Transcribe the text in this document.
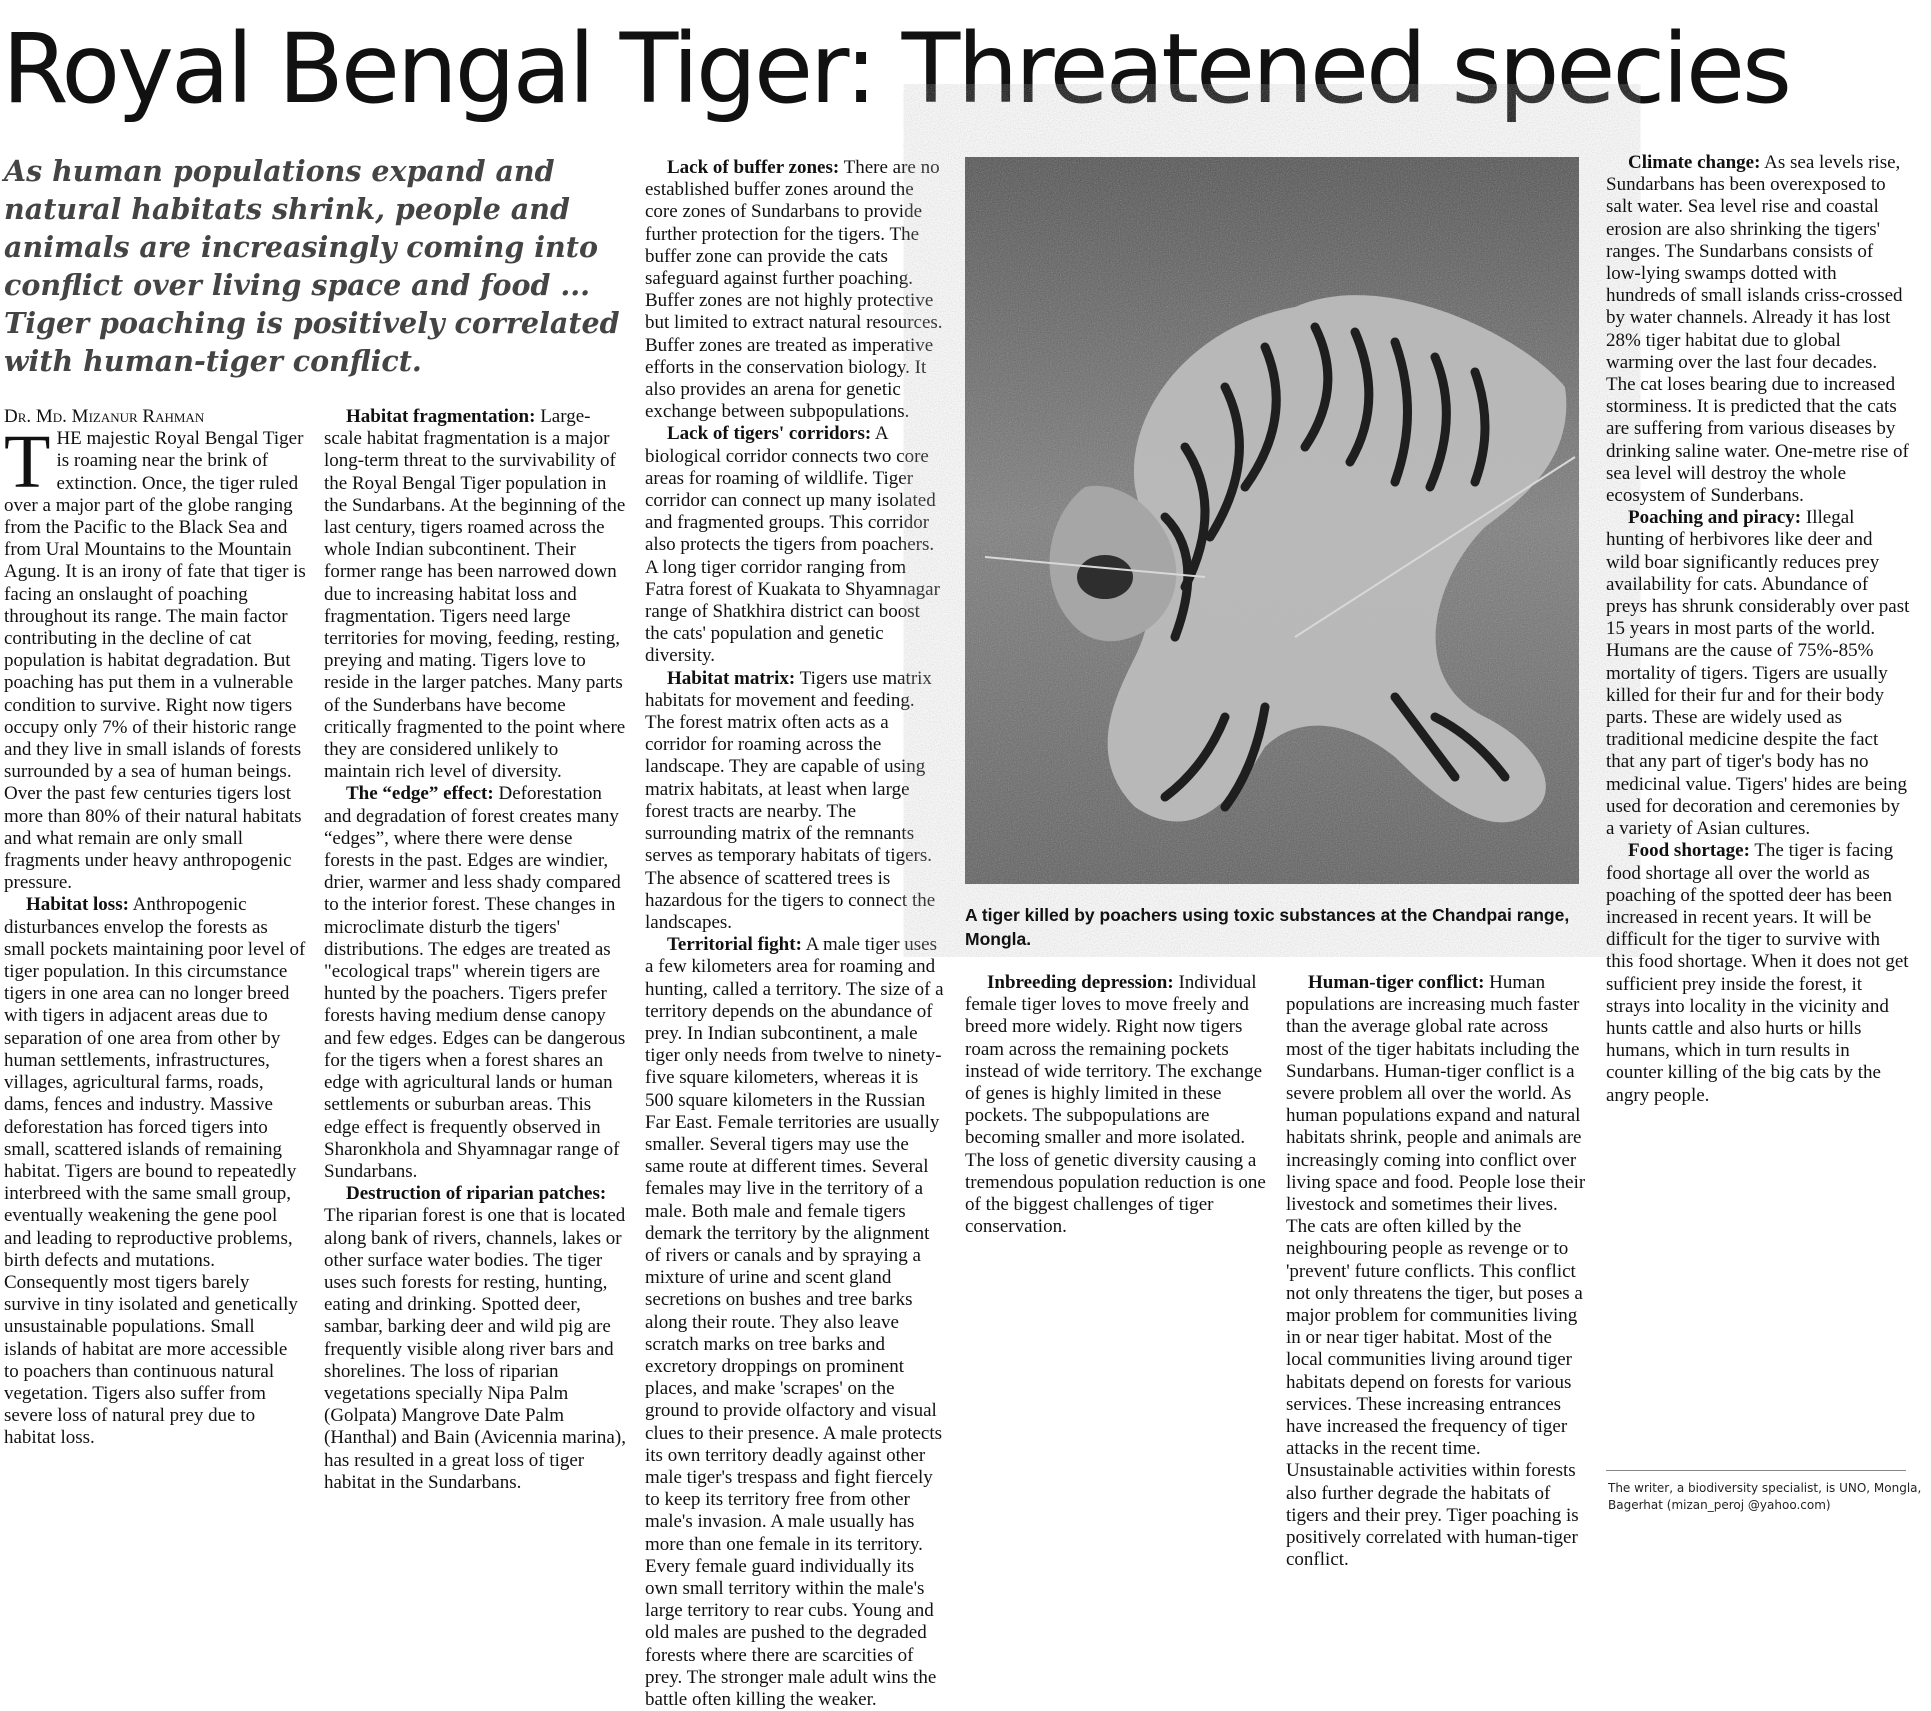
Royal Bengal Tiger: Threatened species

As human populations expand and natural habitats shrink, people and animals are increasingly coming into conflict over living space and food ... Tiger poaching is positively correlated with human-tiger conflict.

Dr. Md. Mizanur Rahman

THE majestic Royal Bengal Tiger is roaming near the brink of extinction. Once, the tiger ruled over a major part of the globe ranging from the Pacific to the Black Sea and from Ural Mountains to the Mountain Agung. It is an irony of fate that tiger is facing an onslaught of poaching throughout its range. The main factor contributing in the decline of cat population is habitat degradation. But poaching has put them in a vulnerable condition to survive. Right now tigers occupy only 7% of their historic range and they live in small islands of forests surrounded by a sea of human beings. Over the past few centuries tigers lost more than 80% of their natural habitats and what remain are only small fragments under heavy anthropogenic pressure.

Habitat loss: Anthropogenic disturbances envelop the forests as small pockets maintaining poor level of tiger population. In this circumstance tigers in one area can no longer breed with tigers in adjacent areas due to separation of one area from other by human settlements, infrastructures, villages, agricultural farms, roads, dams, fences and industry. Massive deforestation has forced tigers into small, scattered islands of remaining habitat. Tigers are bound to repeatedly interbreed with the same small group, eventually weakening the gene pool and leading to reproductive problems, birth defects and mutations. Consequently most tigers barely survive in tiny isolated and genetically unsustainable populations. Small islands of habitat are more accessible to poachers than continuous natural vegetation. Tigers also suffer from severe loss of natural prey due to habitat loss.

Habitat fragmentation: Large-scale habitat fragmentation is a major long-term threat to the survivability of the Royal Bengal Tiger population in the Sundarbans. At the beginning of the last century, tigers roamed across the whole Indian subcontinent. Their former range has been narrowed down due to increasing habitat loss and fragmentation. Tigers need large territories for moving, feeding, resting, preying and mating. Tigers love to reside in the larger patches. Many parts of the Sunderbans have become critically fragmented to the point where they are considered unlikely to maintain rich level of diversity.

The “edge” effect: Deforestation and degradation of forest creates many “edges”, where there were dense forests in the past. Edges are windier, drier, warmer and less shady compared to the interior forest. These changes in microclimate disturb the tigers' distributions. The edges are treated as "ecological traps" wherein tigers are hunted by the poachers. Tigers prefer forests having medium dense canopy and few edges. Edges can be dangerous for the tigers when a forest shares an edge with agricultural lands or human settlements or suburban areas. This edge effect is frequently observed in Sharonkhola and Shyamnagar range of Sundarbans.

Destruction of riparian patches: The riparian forest is one that is located along bank of rivers, channels, lakes or other surface water bodies. The tiger uses such forests for resting, hunting, eating and drinking. Spotted deer, sambar, barking deer and wild pig are frequently visible along river bars and shorelines. The loss of riparian vegetations specially Nipa Palm (Golpata) Mangrove Date Palm (Hanthal) and Bain (Avicennia marina), has resulted in a great loss of tiger habitat in the Sundarbans.

Lack of buffer zones: There are no established buffer zones around the core zones of Sundarbans to provide further protection for the tigers. The buffer zone can provide the cats safeguard against further poaching. Buffer zones are not highly protective but limited to extract natural resources. Buffer zones are treated as imperative efforts in the conservation biology. It also provides an arena for genetic exchange between subpopulations.

Lack of tigers' corridors: A biological corridor connects two core areas for roaming of wildlife. Tiger corridor can connect up many isolated and fragmented groups. This corridor also protects the tigers from poachers. A long tiger corridor ranging from Fatra forest of Kuakata to Shyamnagar range of Shatkhira district can boost the cats' population and genetic diversity.

Habitat matrix: Tigers use matrix habitats for movement and feeding. The forest matrix often acts as a corridor for roaming across the landscape. They are capable of using matrix habitats, at least when large forest tracts are nearby. The surrounding matrix of the remnants serves as temporary habitats of tigers. The absence of scattered trees is hazardous for the tigers to connect the landscapes.

Territorial fight: A male tiger uses a few kilometers area for roaming and hunting, called a territory. The size of a territory depends on the abundance of prey. In Indian subcontinent, a male tiger only needs from twelve to ninety-five square kilometers, whereas it is 500 square kilometers in the Russian Far East. Female territories are usually smaller. Several tigers may use the same route at different times. Several females may live in the territory of a male. Both male and female tigers demark the territory by the alignment of rivers or canals and by spraying a mixture of urine and scent gland secretions on bushes and tree barks along their route. They also leave scratch marks on tree barks and excretory droppings on prominent places, and make 'scrapes' on the ground to provide olfactory and visual clues to their presence. A male protects its own territory deadly against other male tiger's trespass and fight fiercely to keep its territory free from other male's invasion. A male usually has more than one female in its territory. Every female guard individually its own small territory within the male's large territory to rear cubs. Young and old males are pushed to the degraded forests where there are scarcities of prey. The stronger male adult wins the battle often killing the weaker.

A tiger killed by poachers using toxic substances at the Chandpai range, Mongla.

Inbreeding depression: Individual female tiger loves to move freely and breed more widely. Right now tigers roam across the remaining pockets instead of wide territory. The exchange of genes is highly limited in these pockets. The subpopulations are becoming smaller and more isolated. The loss of genetic diversity causing a tremendous population reduction is one of the biggest challenges of tiger conservation.

Human-tiger conflict: Human populations are increasing much faster than the average global rate across most of the tiger habitats including the Sundarbans. Human-tiger conflict is a severe problem all over the world. As human populations expand and natural habitats shrink, people and animals are increasingly coming into conflict over living space and food. People lose their livestock and sometimes their lives. The cats are often killed by the neighbouring people as revenge or to 'prevent' future conflicts. This conflict not only threatens the tiger, but poses a major problem for communities living in or near tiger habitat. Most of the local communities living around tiger habitats depend on forests for various services. These increasing entrances have increased the frequency of tiger attacks in the recent time. Unsustainable activities within forests also further degrade the habitats of tigers and their prey. Tiger poaching is positively correlated with human-tiger conflict.

Climate change: As sea levels rise, Sundarbans has been overexposed to salt water. Sea level rise and coastal erosion are also shrinking the tigers' ranges. The Sundarbans consists of low-lying swamps dotted with hundreds of small islands criss-crossed by water channels. Already it has lost 28% tiger habitat due to global warming over the last four decades. The cat loses bearing due to increased storminess. It is predicted that the cats are suffering from various diseases by drinking saline water. One-metre rise of sea level will destroy the whole ecosystem of Sunderbans.

Poaching and piracy: Illegal hunting of herbivores like deer and wild boar significantly reduces prey availability for cats. Abundance of preys has shrunk considerably over past 15 years in most parts of the world. Humans are the cause of 75%-85% mortality of tigers. Tigers are usually killed for their fur and for their body parts. These are widely used as traditional medicine despite the fact that any part of tiger's body has no medicinal value. Tigers' hides are being used for decoration and ceremonies by a variety of Asian cultures.

Food shortage: The tiger is facing food shortage all over the world as poaching of the spotted deer has been increased in recent years. It will be difficult for the tiger to survive with this food shortage. When it does not get sufficient prey inside the forest, it strays into locality in the vicinity and hunts cattle and also hurts or hills humans, which in turn results in counter killing of the big cats by the angry people.

The writer, a biodiversity specialist, is UNO, Mongla, Bagerhat (mizan_peroj @yahoo.com)
